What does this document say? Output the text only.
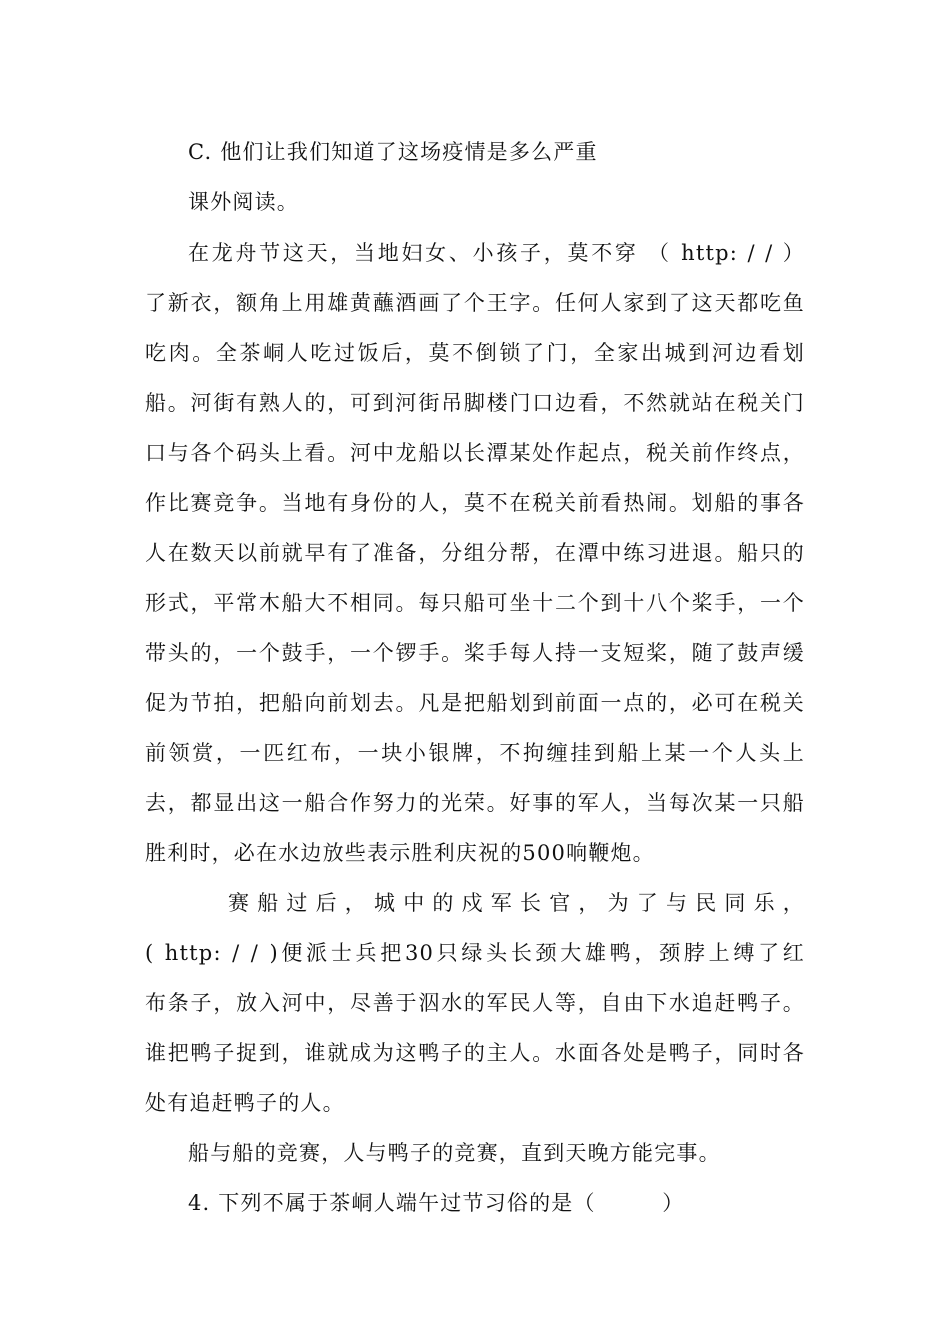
C. 他们让我们知道了这场疫情是多么严重
课外阅读。
在龙舟节这天，当地妇女、小孩子，莫不穿 （ http: / / ）
了新衣，额角上用雄黄蘸酒画了个王字。任何人家到了这天都吃鱼
吃肉。全茶峒人吃过饭后，莫不倒锁了门，全家出城到河边看划
船。河街有熟人的，可到河街吊脚楼门口边看，不然就站在税关门
口与各个码头上看。河中龙船以长潭某处作起点，税关前作终点，
作比赛竞争。当地有身份的人，莫不在税关前看热闹。划船的事各
人在数天以前就早有了准备，分组分帮，在潭中练习进退。船只的
形式，平常木船大不相同。每只船可坐十二个到十八个桨手，一个
带头的，一个鼓手，一个锣手。桨手每人持一支短桨，随了鼓声缓
促为节拍，把船向前划去。凡是把船划到前面一点的，必可在税关
前领赏，一匹红布，一块小银牌，不拘缠挂到船上某一个人头上
去，都显出这一船合作努力的光荣。好事的军人，当每次某一只船
胜利时，必在水边放些表示胜利庆祝的500响鞭炮。
赛船过后，城中的戍军长官，为了与民同乐，
( http: / / )便派士兵把30只绿头长颈大雄鸭，颈脖上缚了红
布条子，放入河中，尽善于泅水的军民人等，自由下水追赶鸭子。
谁把鸭子捉到，谁就成为这鸭子的主人。水面各处是鸭子，同时各
处有追赶鸭子的人。
船与船的竞赛，人与鸭子的竞赛，直到天晚方能完事。
4. 下列不属于茶峒人端午过节习俗的是（　　　）
